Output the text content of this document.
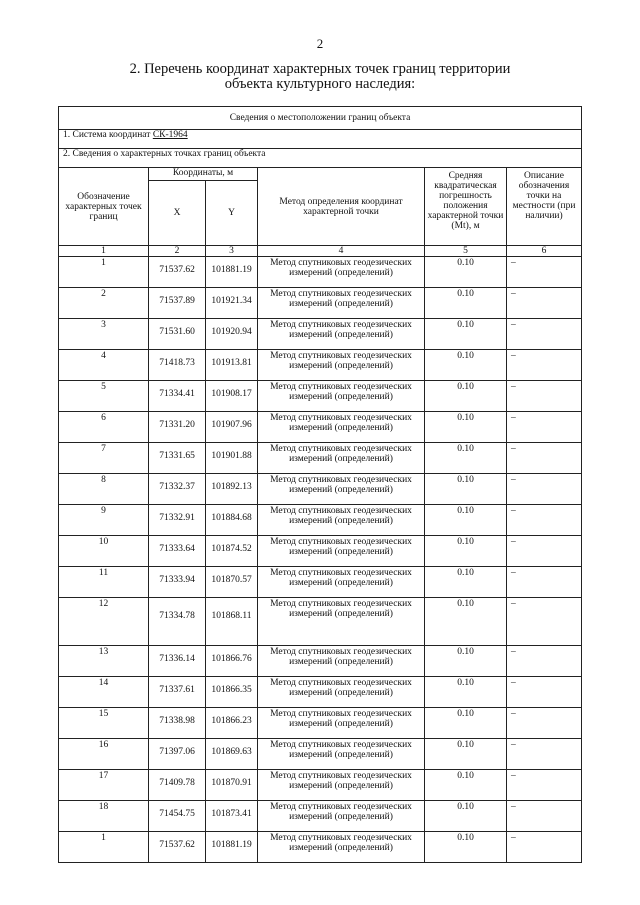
2
2. Перечень координат характерных точек границ территории
объекта культурного наследия:
Сведения о местоположении границ объекта					
1. Система координат СК-1964					
2. Сведения о характерных точках границ объекта					
Обозначение характерных точек границ	Координаты, м		Метод определения координат характерной точки	Средняя квадратическая погрешность положения характерной точки (Mt), м	Описание обозначения точки на местности (при наличии)
	X	Y			
1	2	3	4	5	6
1	71537.62	101881.19	Метод спутниковых геодезических измерений (определений)	0.10	–
2	71537.89	101921.34	Метод спутниковых геодезических измерений (определений)	0.10	–
3	71531.60	101920.94	Метод спутниковых геодезических измерений (определений)	0.10	–
4	71418.73	101913.81	Метод спутниковых геодезических измерений (определений)	0.10	–
5	71334.41	101908.17	Метод спутниковых геодезических измерений (определений)	0.10	–
6	71331.20	101907.96	Метод спутниковых геодезических измерений (определений)	0.10	–
7	71331.65	101901.88	Метод спутниковых геодезических измерений (определений)	0.10	–
8	71332.37	101892.13	Метод спутниковых геодезических измерений (определений)	0.10	–
9	71332.91	101884.68	Метод спутниковых геодезических измерений (определений)	0.10	–
10	71333.64	101874.52	Метод спутниковых геодезических измерений (определений)	0.10	–
11	71333.94	101870.57	Метод спутниковых геодезических измерений (определений)	0.10	–
12	71334.78	101868.11	Метод спутниковых геодезических измерений (определений)	0.10	–
13	71336.14	101866.76	Метод спутниковых геодезических измерений (определений)	0.10	–
14	71337.61	101866.35	Метод спутниковых геодезических измерений (определений)	0.10	–
15	71338.98	101866.23	Метод спутниковых геодезических измерений (определений)	0.10	–
16	71397.06	101869.63	Метод спутниковых геодезических измерений (определений)	0.10	–
17	71409.78	101870.91	Метод спутниковых геодезических измерений (определений)	0.10	–
18	71454.75	101873.41	Метод спутниковых геодезических измерений (определений)	0.10	–
1	71537.62	101881.19	Метод спутниковых геодезических измерений (определений)	0.10	–
